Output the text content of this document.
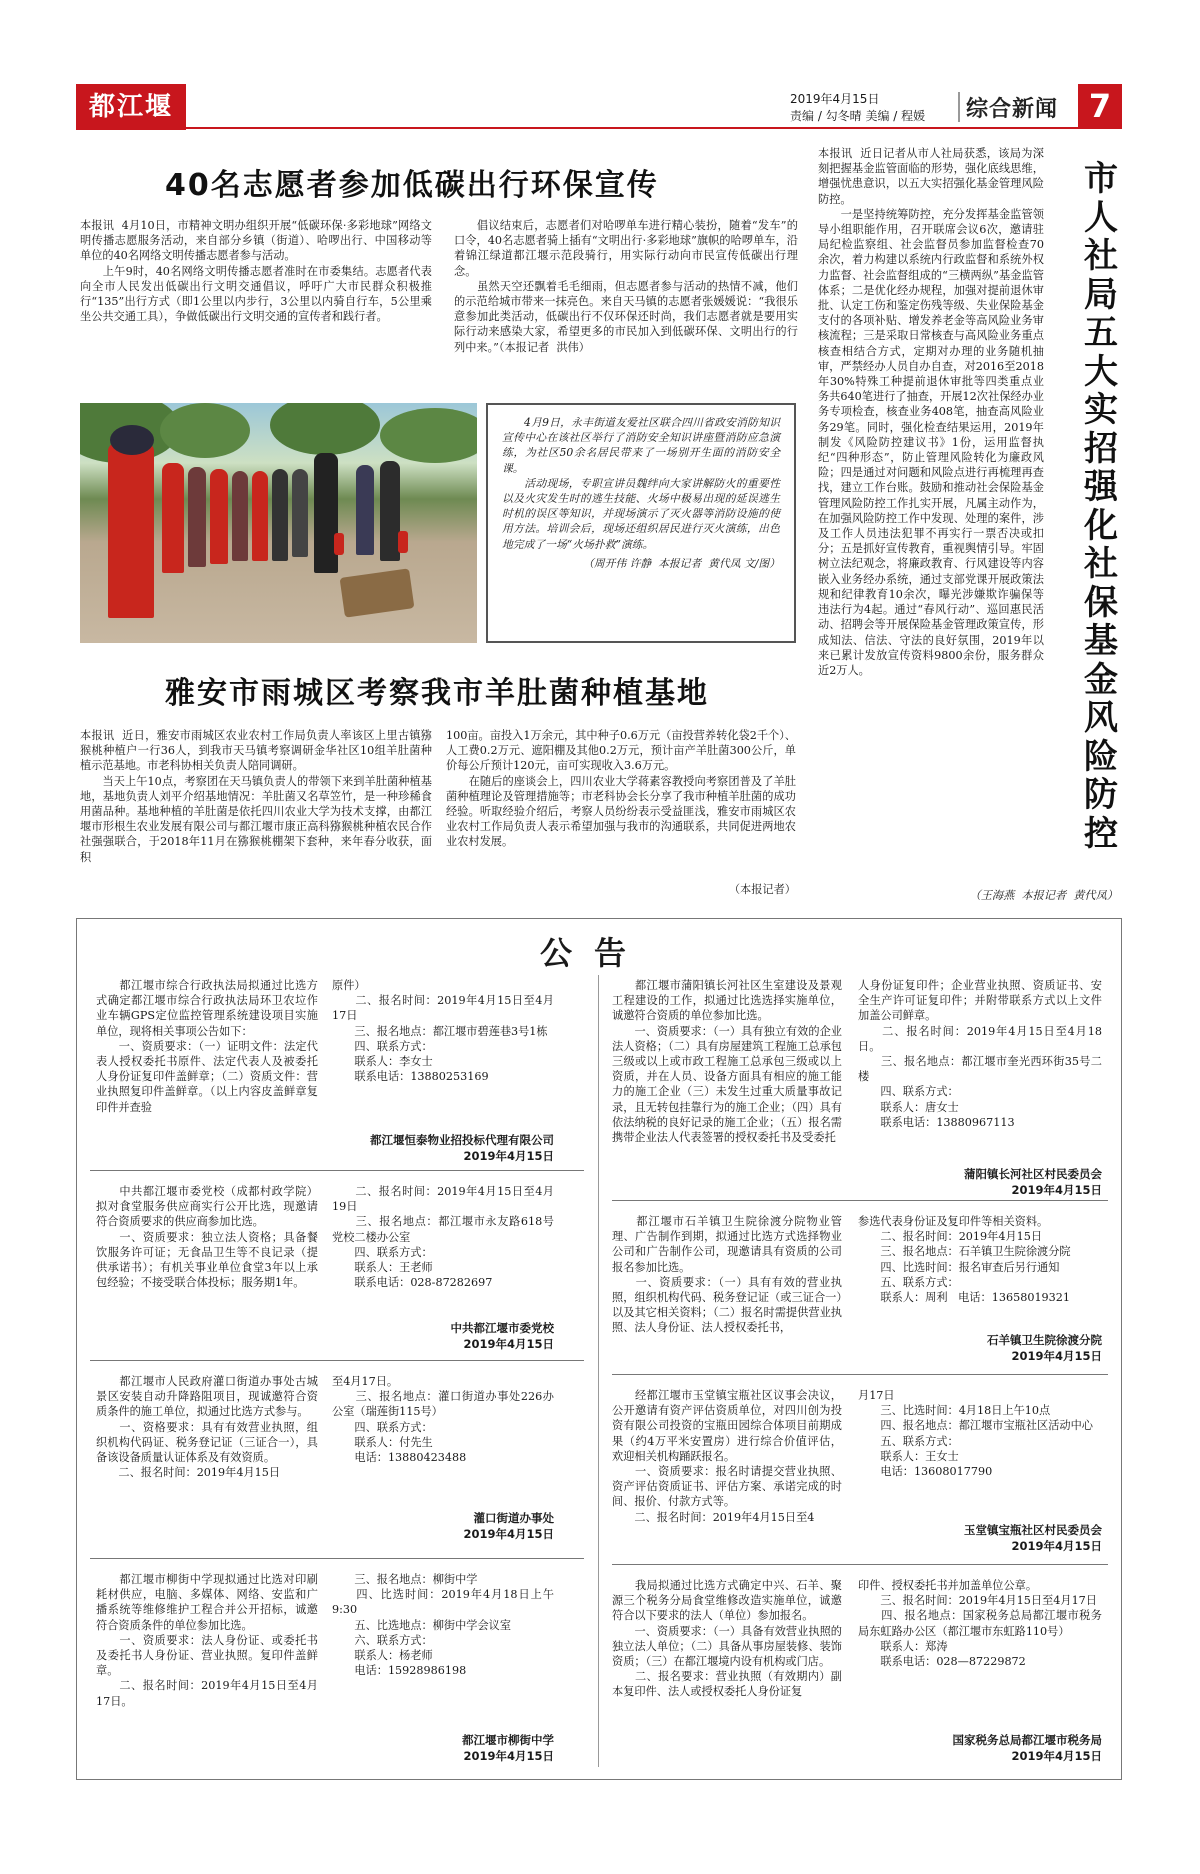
都江堰报
2019年4月15日
责编 / 勾冬晴 美编 / 程媛 综合新闻 7
40名志愿者参加低碳出行环保宣传

本报讯  4月10日，市精神文明办组织开展“低碳环保·多彩地球”网络文明传播志愿服务活动，来自部分乡镇（街道）、哈啰出行、中国移动等单位的40名网络文明传播志愿者参与活动。
　　上午9时，40名网络文明传播志愿者准时在市委集结。志愿者代表向全市人民发出低碳出行文明交通倡议，呼吁广大市民群众积极推行“135”出行方式（即1公里以内步行，3公里以内骑自行车，5公里乘坐公共交通工具），争做低碳出行文明交通的宣传者和践行者。

　　倡议结束后，志愿者们对哈啰单车进行精心装扮，随着“发车”的口令，40名志愿者骑上插有“文明出行·多彩地球”旗帜的哈啰单车，沿着锦江绿道都江堰示范段骑行，用实际行动向市民宣传低碳出行理念。
　　虽然天空还飘着毛毛细雨，但志愿者参与活动的热情不减，他们的示范给城市带来一抹亮色。来自天马镇的志愿者张媛媛说：“我很乐意参加此类活动，低碳出行不仅环保还时尚，我们志愿者就是要用实际行动来感染大家，希望更多的市民加入到低碳环保、文明出行的行列中来。”（本报记者  洪伟）

　　4月9日，永丰街道友爱社区联合四川省政安消防知识宣传中心在该社区举行了消防安全知识讲座暨消防应急演练，为社区50余名居民带来了一场别开生面的消防安全课。
　　活动现场，专职宣讲员魏绊向大家讲解防火的重要性以及火灾发生时的逃生技能、火场中极易出现的延误逃生时机的误区等知识，并现场演示了灭火器等消防设施的使用方法。培训会后，现场还组织居民进行灭火演练，出色地完成了一场“火场扑救”演练。

（周开伟 许静  本报记者  黄代凤 文/图）

雅安市雨城区考察我市羊肚菌种植基地

本报讯  近日，雅安市雨城区农业农村工作局负责人率该区上里古镇猕猴桃种植户一行36人，到我市天马镇考察调研金华社区10组羊肚菌种植示范基地。市老科协相关负责人陪同调研。
　　当天上午10点，考察团在天马镇负责人的带领下来到羊肚菌种植基地，基地负责人刘平介绍基地情况：羊肚菌又名草笠竹，是一种珍稀食用菌品种。基地种植的羊肚菌是依托四川农业大学为技术支撑，由都江堰市形根生农业发展有限公司与都江堰市康正高科猕猴桃种植农民合作社强强联合，于2018年11月在猕猴桃棚架下套种，来年春分收获，面积

100亩。亩投入1万余元，其中种子0.6万元（亩投营养转化袋2千个）、人工费0.2万元、遮阳棚及其他0.2万元，预计亩产羊肚菌300公斤，单价每公斤预计120元，亩可实现收入3.6万元。
　　在随后的座谈会上，四川农业大学蒋素容教授向考察团普及了羊肚菌种植理论及管理措施等；市老科协会长分享了我市种植羊肚菌的成功经验。听取经验介绍后，考察人员纷纷表示受益匪浅，雅安市雨城区农业农村工作局负责人表示希望加强与我市的沟通联系，共同促进两地农业农村发展。

（本报记者）

本报讯  近日记者从市人社局获悉，该局为深刻把握基金监管面临的形势，强化底线思维，增强忧患意识，以五大实招强化基金管理风险防控。
　　一是坚持统筹防控，充分发挥基金监管领导小组职能作用，召开联席会议6次，邀请驻局纪检监察组、社会监督员参加监督检查70余次，着力构建以系统内行政监督和系统外权力监督、社会监督组成的“三横两纵”基金监管体系；二是优化经办规程，加强对提前退休审批、认定工伤和鉴定伤残等级、失业保险基金支付的各项补贴、增发养老金等高风险业务审核流程；三是采取日常核查与高风险业务重点核查相结合方式，定期对办理的业务随机抽审，严禁经办人员自办自查，对2016至2018年30%特殊工种提前退休审批等四类重点业务共640笔进行了抽查，开展12次社保经办业务专项检查，核查业务408笔，抽查高风险业务29笔。同时，强化检查结果运用，2019年制发《风险防控建议书》1份，运用监督执纪“四种形态”，防止管理风险转化为廉政风险；四是通过对问题和风险点进行再梳理再查找，建立工作台账。鼓励和推动社会保险基金管理风险防控工作扎实开展，凡属主动作为，在加强风险防控工作中发现、处理的案件，涉及工作人员违法犯罪不再实行一票否决或扣分；五是抓好宣传教育，重视舆情引导。牢固树立法纪观念，将廉政教育、行风建设等内容嵌入业务经办系统，通过支部党课开展政策法规和纪律教育10余次，曝光涉嫌欺诈骗保等违法行为4起。通过“春风行动”、巡回惠民活动、招聘会等开展保险基金管理政策宣传，形成知法、信法、守法的良好氛围，2019年以来已累计发放宣传资料9800余份，服务群众近2万人。

市人社局五大实招强化社保基金风险防控

（王海燕  本报记者  黄代凤）

公告

　　都江堰市综合行政执法局拟通过比选方式确定都江堰市综合行政执法局环卫农垃作业车辆GPS定位监控管理系统建设项目实施单位，现将相关事项公告如下：
　　一、资质要求：（一）证明文件：法定代表人授权委托书原件、法定代表人及被委托人身份证复印件盖鲜章；（二）资质文件：营业执照复印件盖鲜章。（以上内容皮盖鲜章复印件并查验

原件）
　　二、报名时间：2019年4月15日至4月17日
　　三、报名地点：都江堰市碧莲巷3号1栋
　　四、联系方式：
　　联系人：李女士
　　联系电话：13880253169

都江堰恒泰物业招投标代理有限公司
2019年4月15日

　　都江堰市蒲阳镇长河社区生室建设及景观工程建设的工作，拟通过比选选择实施单位，诚邀符合资质的单位参加比选。
　　一、资质要求：（一）具有独立有效的企业法人资格；（二）具有房屋建筑工程施工总承包三级或以上或市政工程施工总承包三级或以上资质，并在人员、设备方面具有相应的施工能力的施工企业（三）未发生过重大质量事故记录，且无转包挂靠行为的施工企业；（四）具有依法纳税的良好记录的施工企业；（五）报名需携带企业法人代表签署的授权委托书及受委托

人身份证复印件；企业营业执照、资质证书、安全生产许可证复印件；并附带联系方式以上文件加盖公司鲜章。
　　二、报名时间：2019年4月15日至4月18日。
　　三、报名地点：都江堰市奎光西环街35号二楼
　　四、联系方式：
　　联系人：唐女士
　　联系电话：13880967113

蒲阳镇长河社区村民委员会
2019年4月15日

　　中共都江堰市委党校（成都村政学院）拟对食堂服务供应商实行公开比选，现邀请符合资质要求的供应商参加比选。
　　一、资质要求：独立法人资格；具备餐饮服务许可证；无食品卫生等不良记录（提供承诺书）；有机关事业单位食堂3年以上承包经验；不接受联合体投标；服务期1年。

　　二、报名时间：2019年4月15日至4月19日
　　三、报名地点：都江堰市永友路618号党校二楼办公室
　　四、联系方式：
　　联系人：王老师
　　联系电话：028-87282697

中共都江堰市委党校
2019年4月15日

　　都江堰市石羊镇卫生院徐渡分院物业管理、广告制作到期，拟通过比选方式选择物业公司和广告制作公司，现邀请具有资质的公司报名参加比选。
　　一、资质要求：（一）具有有效的营业执照，组织机构代码、税务登记证（或三证合一）以及其它相关资料；（二）报名时需提供营业执照、法人身份证、法人授权委托书，

参选代表身份证及复印件等相关资料。
　　二、报名时间：2019年4月15日
　　三、报名地点：石羊镇卫生院徐渡分院
　　四、比选时间：报名审查后另行通知
　　五、联系方式：
　　联系人：周利   电话：13658019321

石羊镇卫生院徐渡分院
2019年4月15日

　　都江堰市人民政府灌口街道办事处古城景区安装自动升降路阻项目，现诚邀符合资质条件的施工单位，拟通过比选方式参与。
　　一、资格要求：具有有效营业执照，组织机构代码证、税务登记证（三证合一），具备该设备质量认证体系及有效资质。
　　二、报名时间：2019年4月15日

至4月17日。
　　三、报名地点：灌口街道办事处226办公室（瑞莲街115号）
　　四、联系方式：
　　联系人：付先生
　　电话：13880423488

灌口街道办事处
2019年4月15日

　　经都江堰市玉堂镇宝瓶社区议事会决议，公开邀请有资产评估资质单位，对四川创为投资有限公司投资的宝瓶田园综合体项目前期成果（约4万平米安置房）进行综合价值评估，欢迎相关机构踊跃报名。
　　一、资质要求：报名时请提交营业执照、资产评估资质证书、评估方案、承诺完成的时间、报价、付款方式等。
　　二、报名时间：2019年4月15日至4

月17日
　　三、比选时间：4月18日上午10点
　　四、报名地点：都江堰市宝瓶社区活动中心
　　五、联系方式：
　　联系人：王女士
　　电话：13608017790

玉堂镇宝瓶社区村民委员会
2019年4月15日

　　都江堰市柳街中学现拟通过比选对印刷耗材供应，电脑、多媒体、网络、安监和广播系统等维修维护工程合并公开招标，诚邀符合资质条件的单位参加比选。
　　一、资质要求：法人身份证、或委托书及委托书人身份证、营业执照。复印件盖鲜章。
　　二、报名时间：2019年4月15日至4月17日。

　　三、报名地点：柳街中学
　　四、比选时间：2019年4月18日上午9:30
　　五、比选地点：柳街中学会议室
　　六、联系方式：
　　联系人：杨老师
　　电话：15928986198

都江堰市柳街中学
2019年4月15日

　　我局拟通过比选方式确定中兴、石羊、聚源三个税务分局食堂维修改造实施单位，诚邀符合以下要求的法人（单位）参加报名。
　　一、资质要求：（一）具备有效营业执照的独立法人单位；（二）具备从事房屋装修、装饰资质；（三）在都江堰境内设有机构或门店。
　　二、报名要求：营业执照（有效期内）副本复印件、法人或授权委托人身份证复

印件、授权委托书并加盖单位公章。
　　三、报名时间：2019年4月15日至4月17日
　　四、报名地点：国家税务总局都江堰市税务局东虹路办公区（都江堰市东虹路110号）
　　联系人：郑涛
　　联系电话：028—87229872

国家税务总局都江堰市税务局
2019年4月15日
